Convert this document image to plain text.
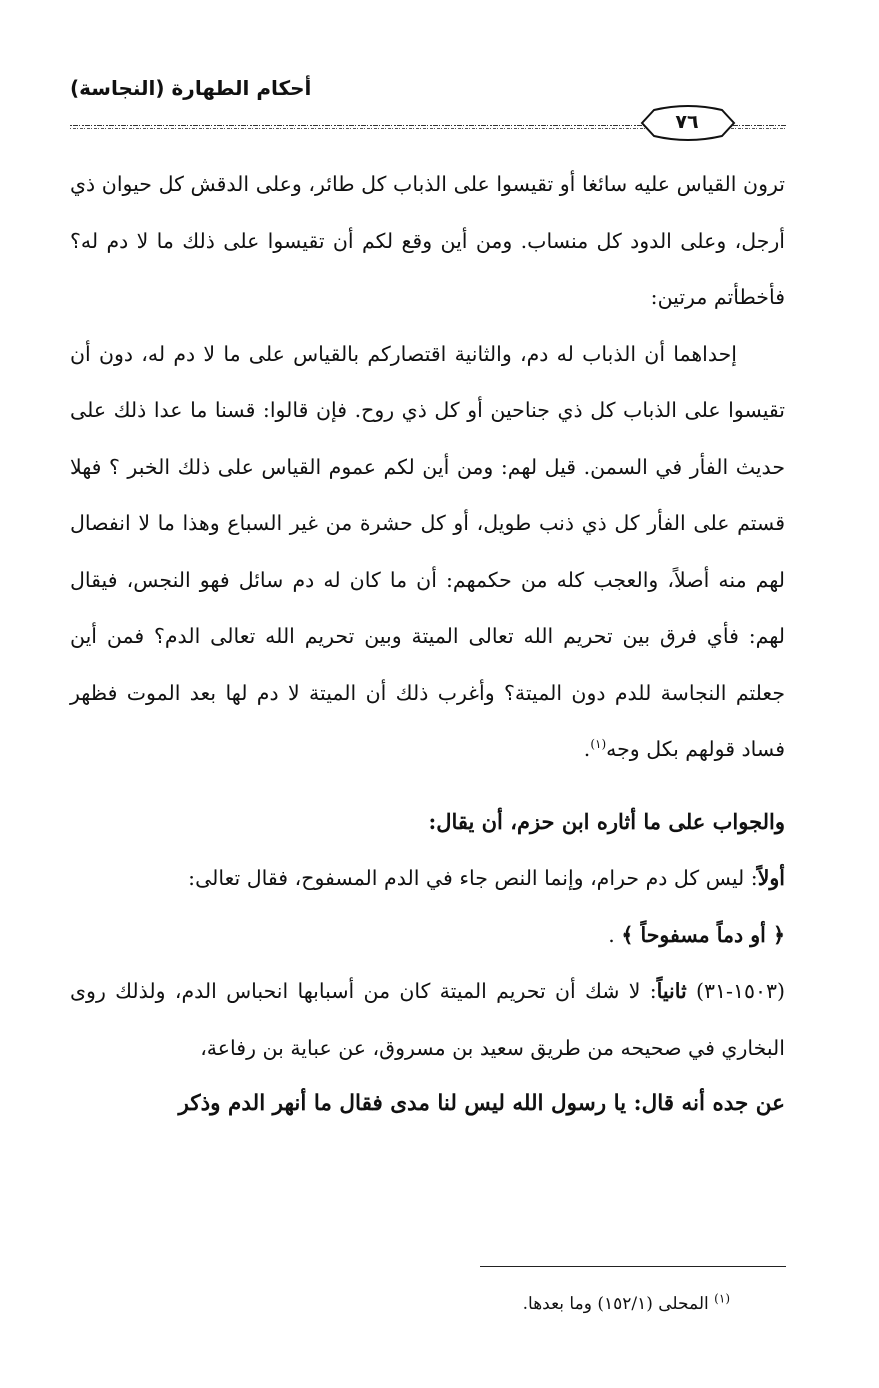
أحكام الطهارة (النجاسة)
٧٦

ترون القياس عليه سائغا أو تقيسوا على الذباب كل طائر، وعلى الدقش كل حيوان ذي أرجل، وعلى الدود كل منساب. ومن أين وقع لكم أن تقيسوا على ذلك ما لا دم له؟ فأخطأتم مرتين:

إحداهما أن الذباب له دم، والثانية اقتصاركم بالقياس على ما لا دم له، دون أن تقيسوا على الذباب كل ذي جناحين أو كل ذي روح. فإن قالوا: قسنا ما عدا ذلك على حديث الفأر في السمن. قيل لهم: ومن أين لكم عموم القياس على ذلك الخبر ؟ فهلا قستم على الفأر كل ذي ذنب طويل، أو كل حشرة من غير السباع وهذا ما لا انفصال لهم منه أصلاً، والعجب كله من حكمهم: أن ما كان له دم سائل فهو النجس، فيقال لهم: فأي فرق بين تحريم الله تعالى الميتة وبين تحريم الله تعالى الدم؟ فمن أين جعلتم النجاسة للدم دون الميتة؟ وأغرب ذلك أن الميتة لا دم لها بعد الموت فظهر فساد قولهم بكل وجه$^{(١)}$.

والجواب على ما أثاره ابن حزم، أن يقال:

أولاً: ليس كل دم حرام، وإنما النص جاء في الدم المسفوح، فقال تعالى:

﴿ أو دماً مسفوحاً ﴾ .

(١٥٠٣-٣١) ثانياً: لا شك أن تحريم الميتة كان من أسبابها انحباس الدم، ولذلك روى البخاري في صحيحه من طريق سعيد بن مسروق، عن عباية بن رفاعة،

عن جده أنه قال: يا رسول الله ليس لنا مدى فقال ما أنهر الدم وذكر

$^{(١)}$ المحلى (١٥٢/١) وما بعدها.
